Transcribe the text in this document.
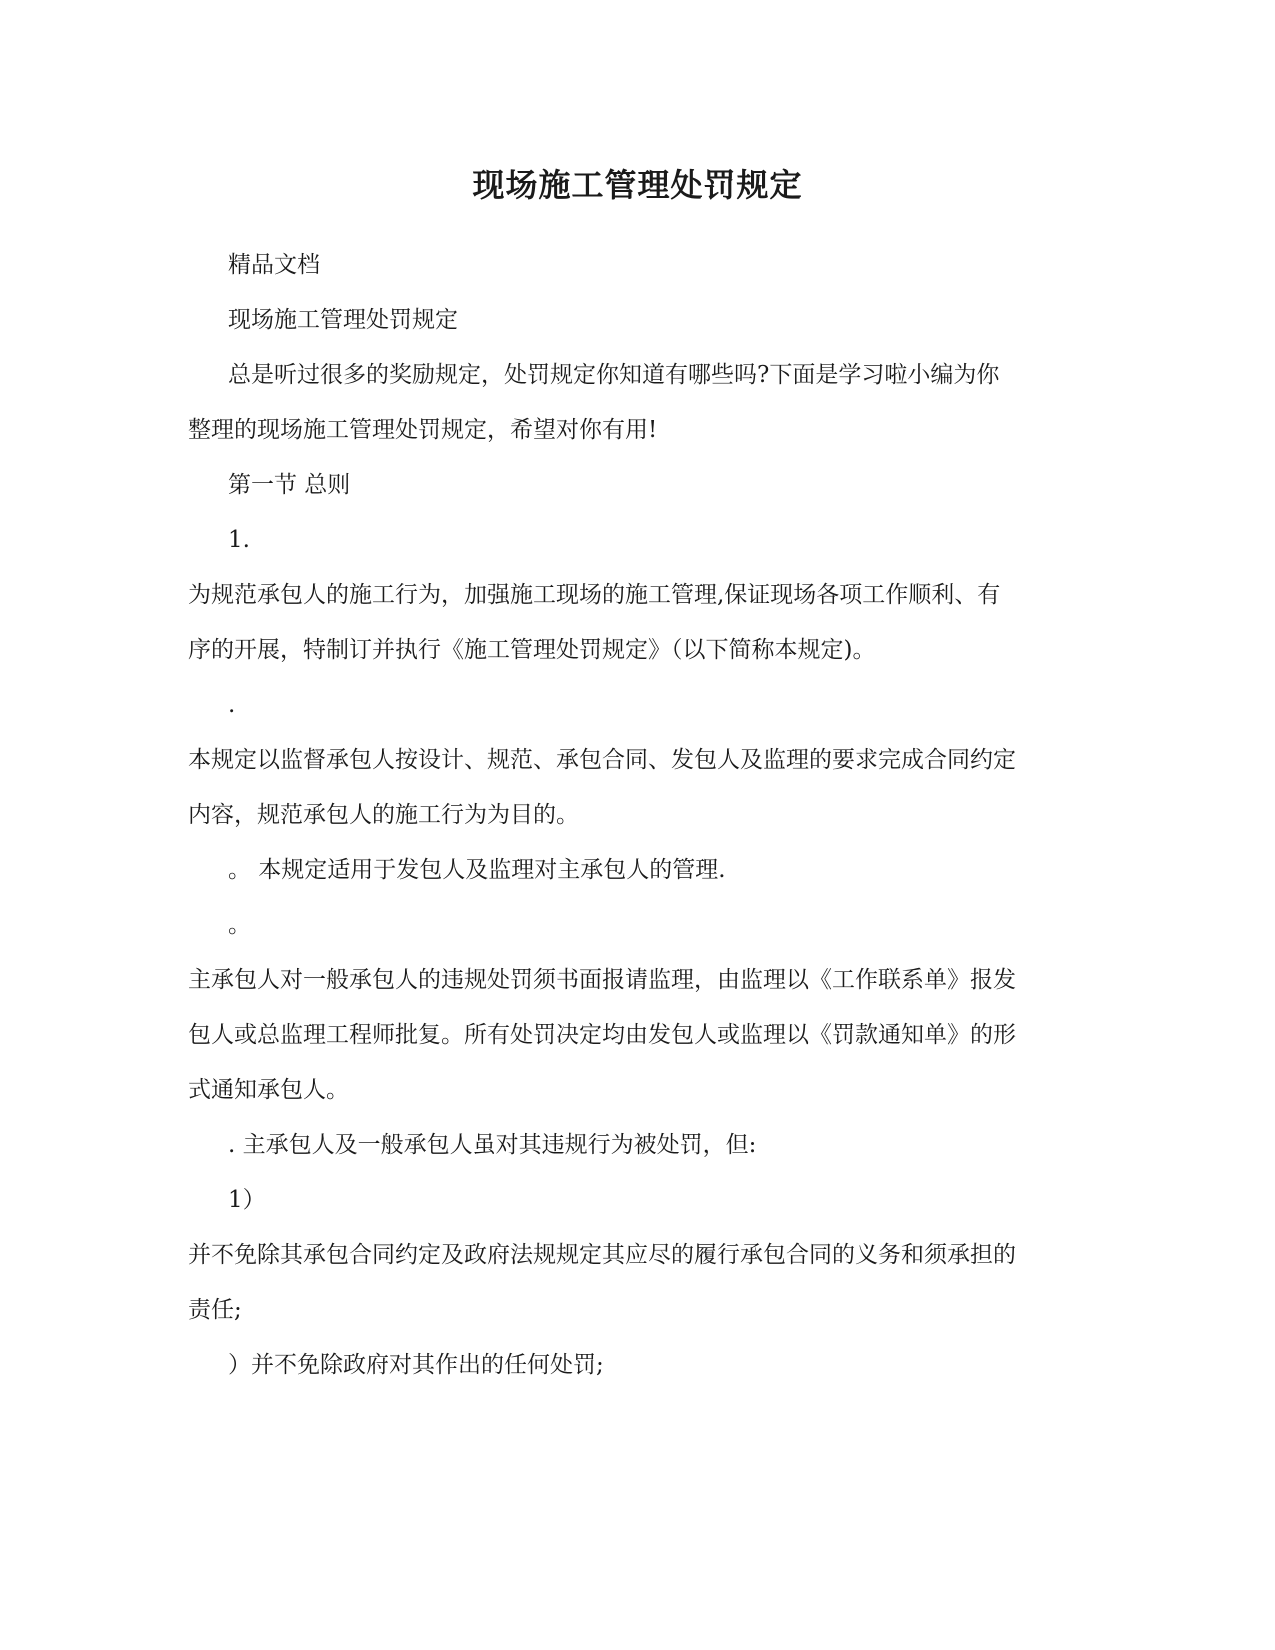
现场施工管理处罚规定

精品文档

现场施工管理处罚规定

总是听过很多的奖励规定，处罚规定你知道有哪些吗?下面是学习啦小编为你

整理的现场施工管理处罚规定，希望对你有用!

第一节 总则

1.

为规范承包人的施工行为，加强施工现场的施工管理,保证现场各项工作顺利、有

序的开展，特制订并执行《施工管理处罚规定》（以下简称本规定)。

.

本规定以监督承包人按设计、规范、承包合同、发包人及监理的要求完成合同约定

内容，规范承包人的施工行为为目的。

。 本规定适用于发包人及监理对主承包人的管理.

。

主承包人对一般承包人的违规处罚须书面报请监理，由监理以《工作联系单》报发

包人或总监理工程师批复。所有处罚决定均由发包人或监理以《罚款通知单》的形

式通知承包人。

. 主承包人及一般承包人虽对其违规行为被处罚，但:

1）

并不免除其承包合同约定及政府法规规定其应尽的履行承包合同的义务和须承担的

责任;

）并不免除政府对其作出的任何处罚;
